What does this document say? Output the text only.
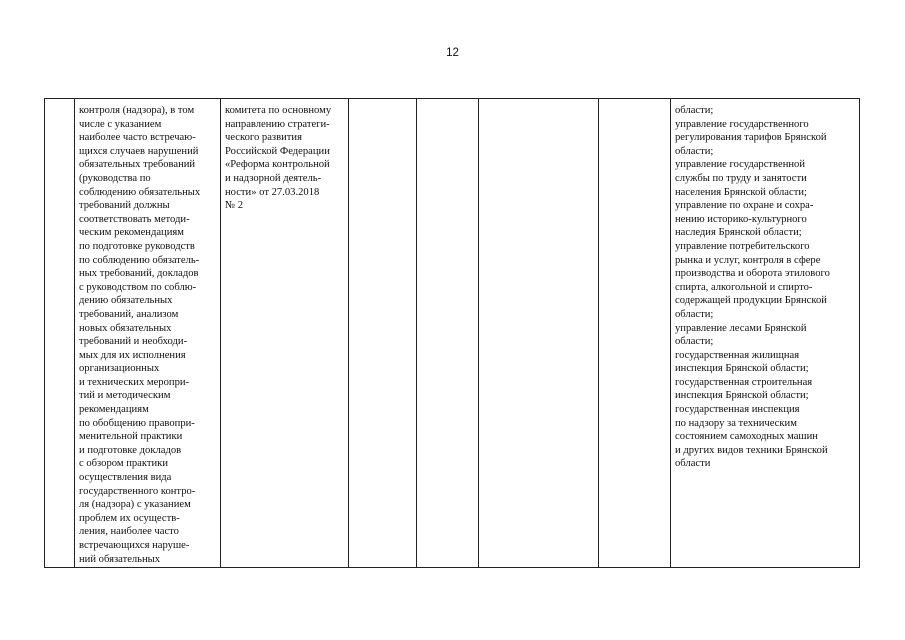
12
контроля (надзора), в том
числе с указанием
наиболее часто встречаю-
щихся случаев нарушений
обязательных требований
(руководства по
соблюдению обязательных
требований должны
соответствовать методи-
ческим рекомендациям
по подготовке руководств
по соблюдению обязатель-
ных требований, докладов
с руководством по соблю-
дению обязательных
требований, анализом
новых обязательных
требований и необходи-
мых для их исполнения
организационных
и технических меропри-
тий и методическим
рекомендациям
по обобщению правопри-
менительной практики
и подготовке докладов
с обзором практики
осуществления вида
государственного контро-
ля (надзора) с указанием
проблем их осуществ-
ления, наиболее часто
встречающихся наруше-
ний обязательных
комитета по основному
направлению стратеги-
ческого развития
Российской Федерации
«Реформа контрольной
и надзорной деятель-
ности» от 27.03.2018
№ 2
области;
управление государственного
регулирования тарифов Брянской
области;
управление государственной
службы по труду и занятости
населения Брянской области;
управление по охране и сохра-
нению историко-культурного
наследия Брянской области;
управление потребительского
рынка и услуг, контроля в сфере
производства и оборота этилового
спирта, алкогольной и спирто-
содержащей продукции Брянской
области;
управление лесами Брянской
области;
государственная жилищная
инспекция Брянской области;
государственная строительная
инспекция Брянской области;
государственная инспекция
по надзору за техническим
состоянием самоходных машин
и других видов техники Брянской
области
